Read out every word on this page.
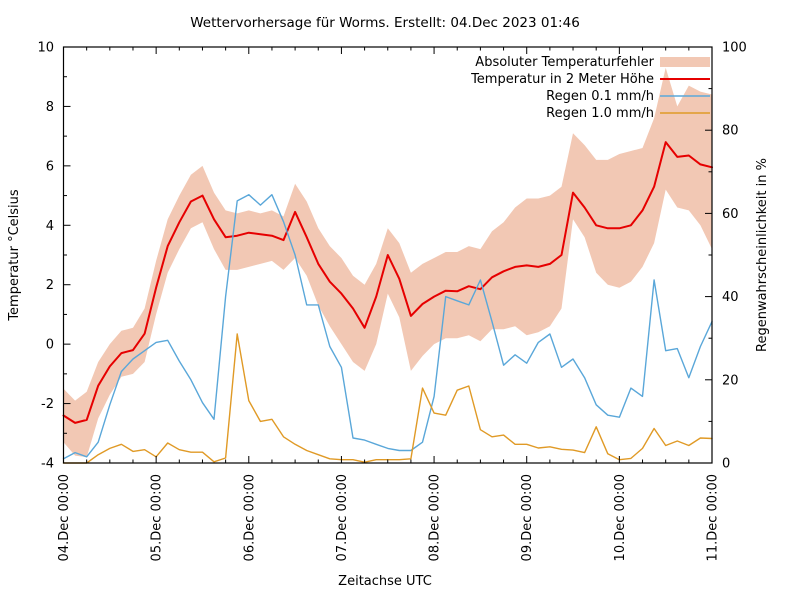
-4
-2
0
2
4
6
8
10
0
20
40
60
80
100
04.Dec 00:00	05.Dec 00:00	06.Dec 00:00	07.Dec 00:00	08.Dec 00:00	09.Dec 00:00	10.Dec 00:00	11.Dec 00:00
Absoluter Temperaturfehler
Temperatur in 2 Meter Höhe
Regen 0.1 mm/h
Regen 1.0 mm/h
Wettervorhersage für Worms. Erstellt: 04.Dec 2023 01:46
Zeitachse UTC
Temperatur °Celsius	Regenwahrscheinlichkeit in %
